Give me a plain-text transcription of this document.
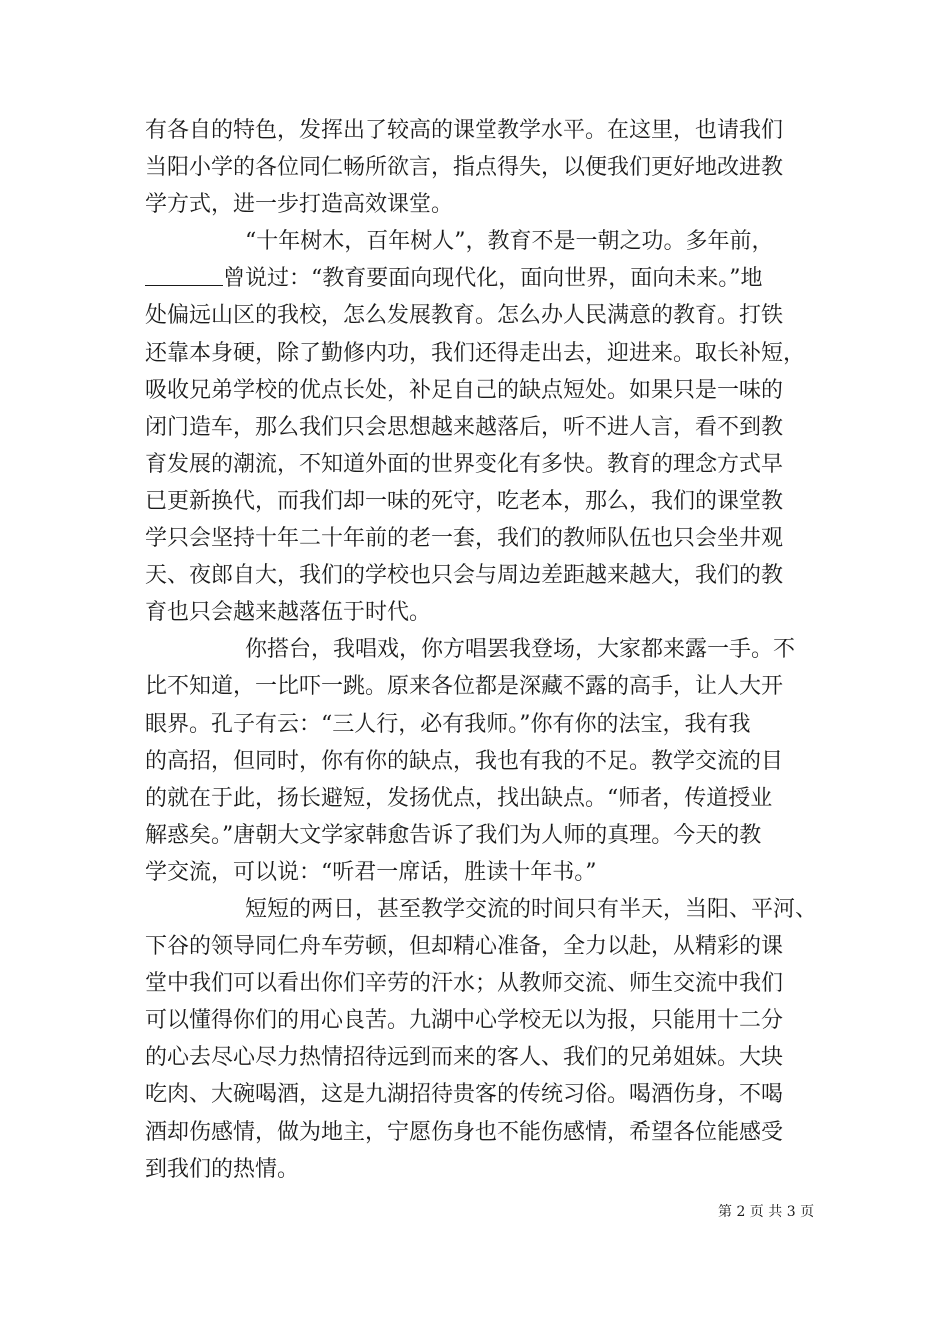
有各自的特色，发挥出了较高的课堂教学水平。在这里，也请我们
当阳小学的各位同仁畅所欲言，指点得失，以便我们更好地改进教
学方式，进一步打造高效课堂。
“十年树木，百年树人”，教育不是一朝之功。多年前，
曾说过：“教育要面向现代化，面向世界，面向未来。”地
处偏远山区的我校，怎么发展教育。怎么办人民满意的教育。打铁
还靠本身硬，除了勤修内功，我们还得走出去，迎进来。取长补短，
吸收兄弟学校的优点长处，补足自己的缺点短处。如果只是一味的
闭门造车，那么我们只会思想越来越落后，听不进人言，看不到教
育发展的潮流，不知道外面的世界变化有多快。教育的理念方式早
已更新换代，而我们却一味的死守，吃老本，那么，我们的课堂教
学只会坚持十年二十年前的老一套，我们的教师队伍也只会坐井观
天、夜郎自大，我们的学校也只会与周边差距越来越大，我们的教
育也只会越来越落伍于时代。
你搭台，我唱戏，你方唱罢我登场，大家都来露一手。不
比不知道，一比吓一跳。原来各位都是深藏不露的高手，让人大开
眼界。孔子有云：“三人行，必有我师。”你有你的法宝，我有我
的高招，但同时，你有你的缺点，我也有我的不足。教学交流的目
的就在于此，扬长避短，发扬优点，找出缺点。“师者，传道授业
解惑矣。”唐朝大文学家韩愈告诉了我们为人师的真理。今天的教
学交流，可以说：“听君一席话，胜读十年书。”
短短的两日，甚至教学交流的时间只有半天，当阳、平河、
下谷的领导同仁舟车劳顿，但却精心准备，全力以赴，从精彩的课
堂中我们可以看出你们辛劳的汗水；从教师交流、师生交流中我们
可以懂得你们的用心良苦。九湖中心学校无以为报，只能用十二分
的心去尽心尽力热情招待远到而来的客人、我们的兄弟姐妹。大块
吃肉、大碗喝酒，这是九湖招待贵客的传统习俗。喝酒伤身，不喝
酒却伤感情，做为地主，宁愿伤身也不能伤感情，希望各位能感受
到我们的热情。
第 2 页 共 3 页
